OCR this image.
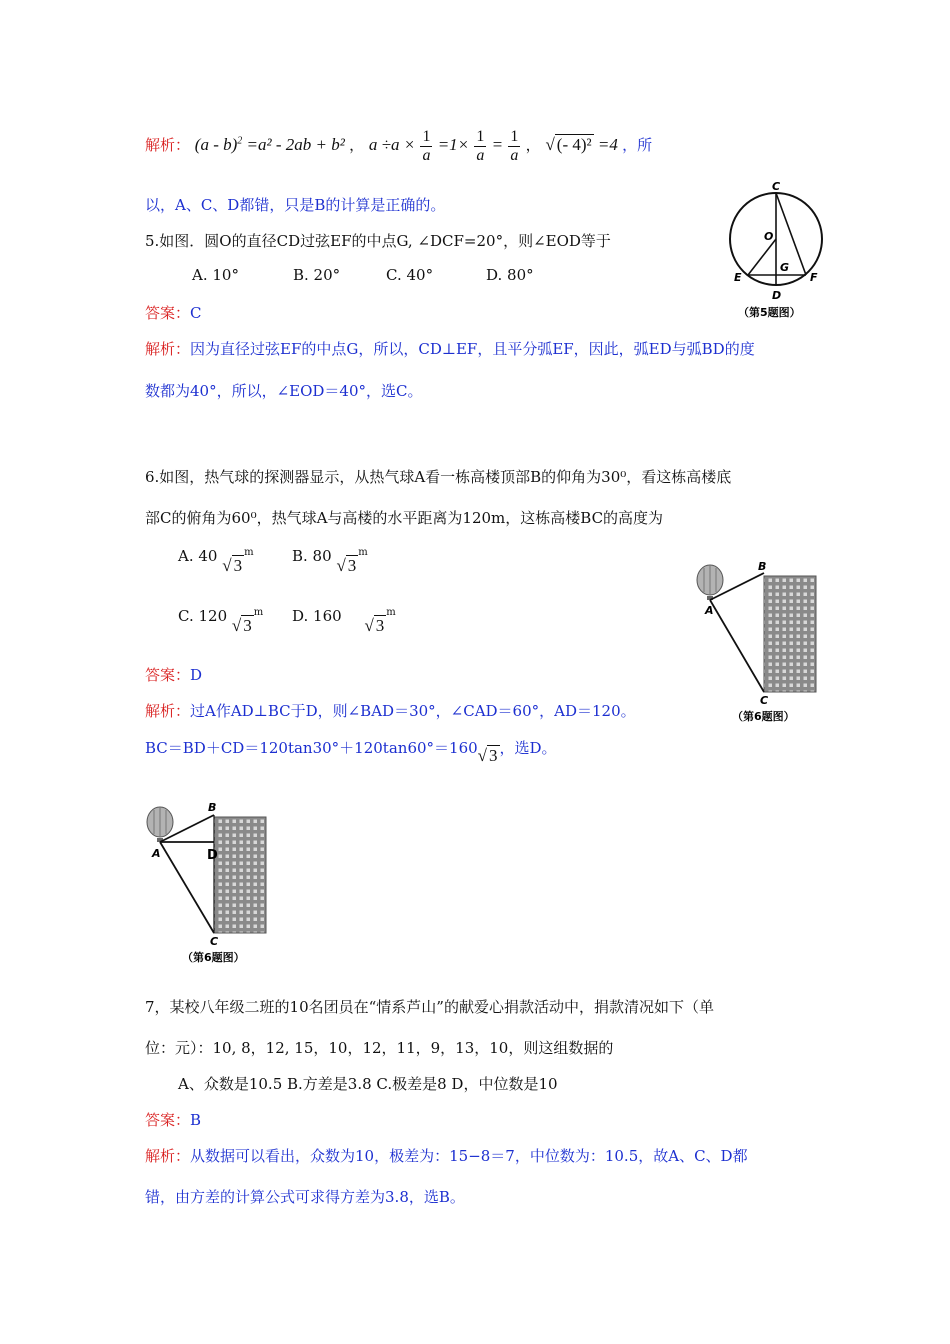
解析： (a - b)$^2$ =a² - 2ab + b² ， $a \div a \times \frac{1}{a} =1\times \frac{1}{a} = \frac{1}{a}$ ， √ (- 4)² =4 ，所
以，A、C、D都错，只是B的计算是正确的。
5.如图．圆O的直径CD过弦EF的中点G, ∠DCF=20°，则∠EOD等于
A. 10°	B. 20°	C. 40°	D. 80°
答案：C
解析：因为直径过弦EF的中点G，所以，CD⊥EF，且平分弧EF，因此，弧ED与弧BD的度
数都为40°，所以，∠EOD＝40°，选C。
C
O
G
E	F
D
（第5题图）
6.如图，热气球的探测器显示，从热气球A看一栋高楼顶部B的仰角为30⁰，看这栋高楼底
部C的俯角为60⁰，热气球A与高楼的水平距离为120m，这栋高楼BC的高度为
A. 40 √ 3$^m$	B. 80 √ 3$^m$
C. 120 √ 3$^m$ D. 160 √ 3$^m$
答案：D
解析：过A作AD⊥BC于D，则∠BAD＝30°，∠CAD＝60°，AD＝120。
BC＝BD＋CD＝120tan30°＋120tan60°＝160√ 3 ，选D。
B
A
C
（第6题图）
B
A	D
C
（第6题图）
7，某校八年级二班的10名团员在“情系芦山”的献爱心捐款活动中，捐款清况如下（单
位：元）：10, 8，12, 15，10，12，11，9，13，10，则这组数据的
A、众数是10.5 B.方差是3.8 C.极差是8 D，中位数是10
答案：B
解析：从数据可以看出，众数为10，极差为：15−8＝7，中位数为：10.5，故A、C、D都
错，由方差的计算公式可求得方差为3.8，选B。
